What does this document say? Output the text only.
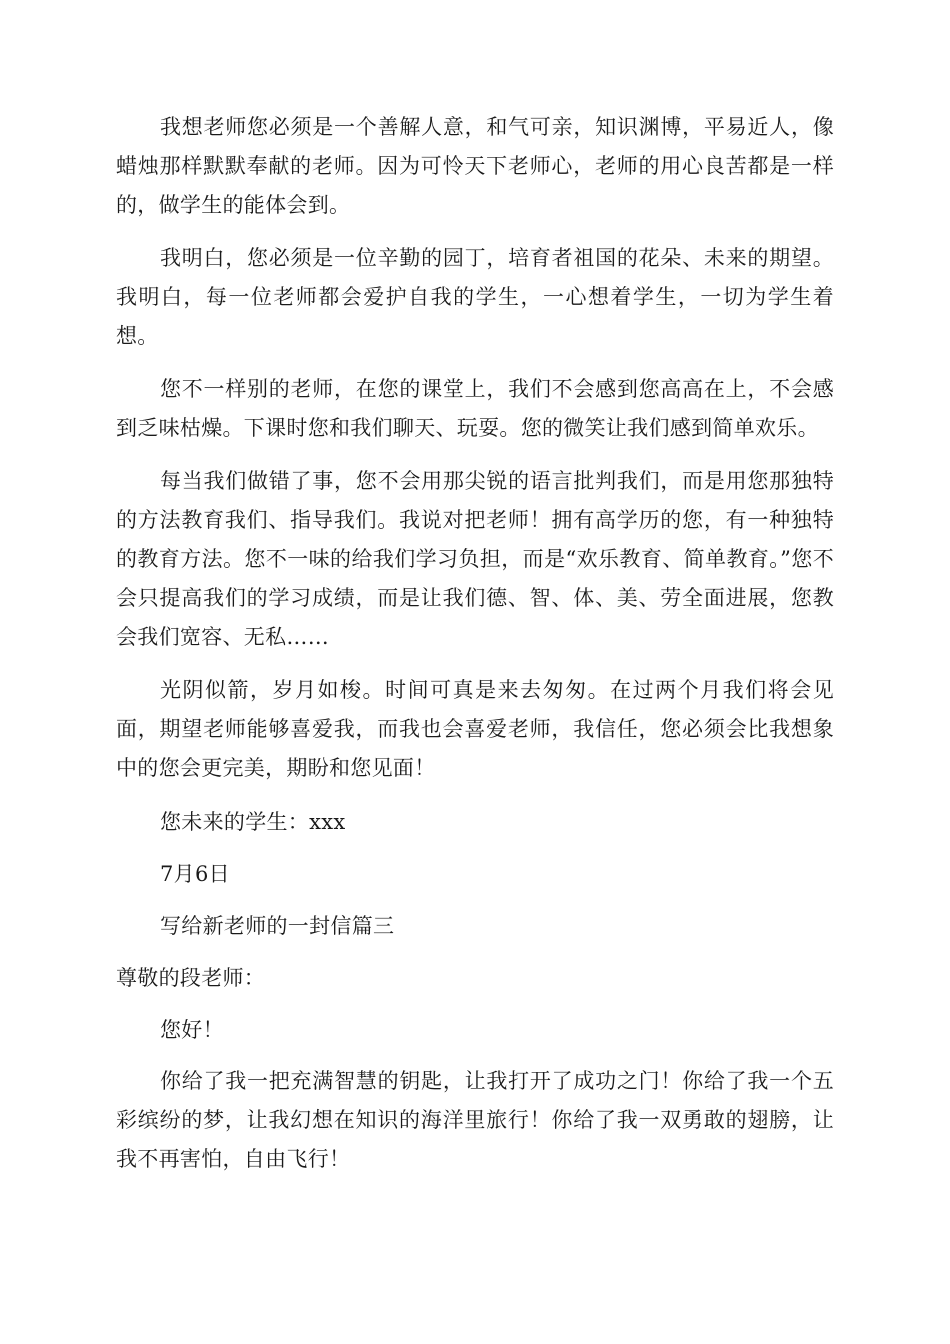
我想老师您必须是一个善解人意，和气可亲，知识渊博，平易近人，像蜡烛那样默默奉献的老师。因为可怜天下老师心，老师的用心良苦都是一样的，做学生的能体会到。

我明白，您必须是一位辛勤的园丁，培育者祖国的花朵、未来的期望。我明白，每一位老师都会爱护自我的学生，一心想着学生，一切为学生着想。

您不一样别的老师，在您的课堂上，我们不会感到您高高在上，不会感到乏味枯燥。下课时您和我们聊天、玩耍。您的微笑让我们感到简单欢乐。

每当我们做错了事，您不会用那尖锐的语言批判我们，而是用您那独特的方法教育我们、指导我们。我说对把老师！拥有高学历的您，有一种独特的教育方法。您不一味的给我们学习负担，而是“欢乐教育、简单教育。”您不会只提高我们的学习成绩，而是让我们德、智、体、美、劳全面进展，您教会我们宽容、无私……

光阴似箭，岁月如梭。时间可真是来去匆匆。在过两个月我们将会见面，期望老师能够喜爱我，而我也会喜爱老师，我信任，您必须会比我想象中的您会更完美，期盼和您见面！

您未来的学生：xxx

7月6日

写给新老师的一封信篇三

尊敬的段老师：

您好！

你给了我一把充满智慧的钥匙，让我打开了成功之门！你给了我一个五彩缤纷的梦，让我幻想在知识的海洋里旅行！你给了我一双勇敢的翅膀，让我不再害怕，自由飞行！
